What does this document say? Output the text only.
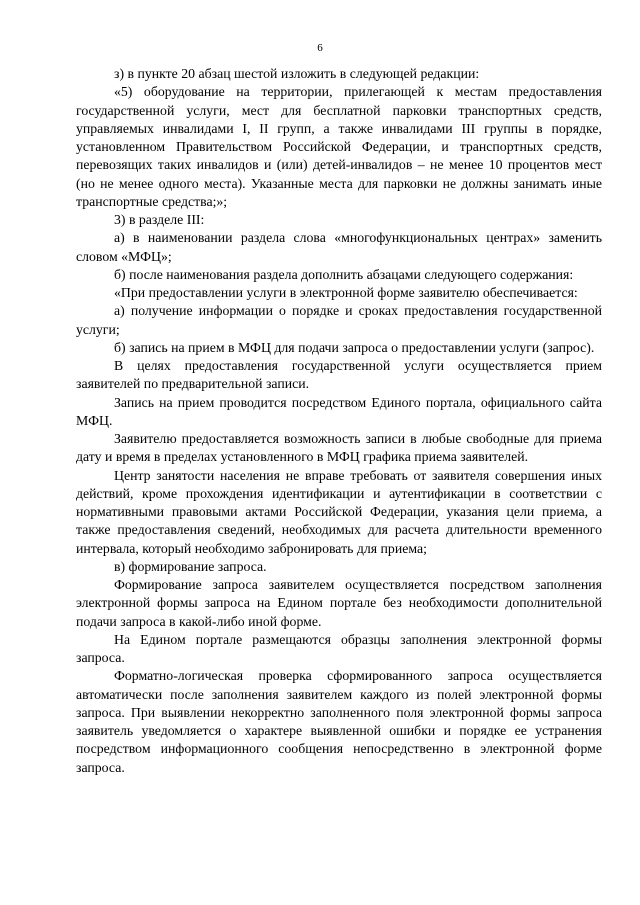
6

з) в пункте 20 абзац шестой изложить в следующей редакции:

«5) оборудование на территории, прилегающей к местам предоставления государственной услуги, мест для бесплатной парковки транспортных средств, управляемых инвалидами I, II групп, а также инвалидами III группы в порядке, установленном Правительством Российской Федерации, и транспортных средств, перевозящих таких инвалидов и (или) детей-инвалидов – не менее 10 процентов мест (но не менее одного места). Указанные места для парковки не должны занимать иные транспортные средства;»;

3) в разделе III:

а) в наименовании раздела слова «многофункциональных центрах» заменить словом «МФЦ»;

б) после наименования раздела дополнить абзацами следующего содержания:

«При предоставлении услуги в электронной форме заявителю обеспечивается:

а) получение информации о порядке и сроках предоставления государственной услуги;

б) запись на прием в МФЦ для подачи запроса о предоставлении услуги (запрос).

В целях предоставления государственной услуги осуществляется прием заявителей по предварительной записи.

Запись на прием проводится посредством Единого портала, официального сайта МФЦ.

Заявителю предоставляется возможность записи в любые свободные для приема дату и время в пределах установленного в МФЦ графика приема заявителей.

Центр занятости населения не вправе требовать от заявителя совершения иных действий, кроме прохождения идентификации и аутентификации в соответствии с нормативными правовыми актами Российской Федерации, указания цели приема, а также предоставления сведений, необходимых для расчета длительности временного интервала, который необходимо забронировать для приема;

в) формирование запроса.

Формирование запроса заявителем осуществляется посредством заполнения электронной формы запроса на Едином портале без необходимости дополнительной подачи запроса в какой-либо иной форме.

На Едином портале размещаются образцы заполнения электронной формы запроса.

Форматно-логическая проверка сформированного запроса осуществляется автоматически после заполнения заявителем каждого из полей электронной формы запроса. При выявлении некорректно заполненного поля электронной формы запроса заявитель уведомляется о характере выявленной ошибки и порядке ее устранения посредством информационного сообщения непосредственно в электронной форме запроса.
